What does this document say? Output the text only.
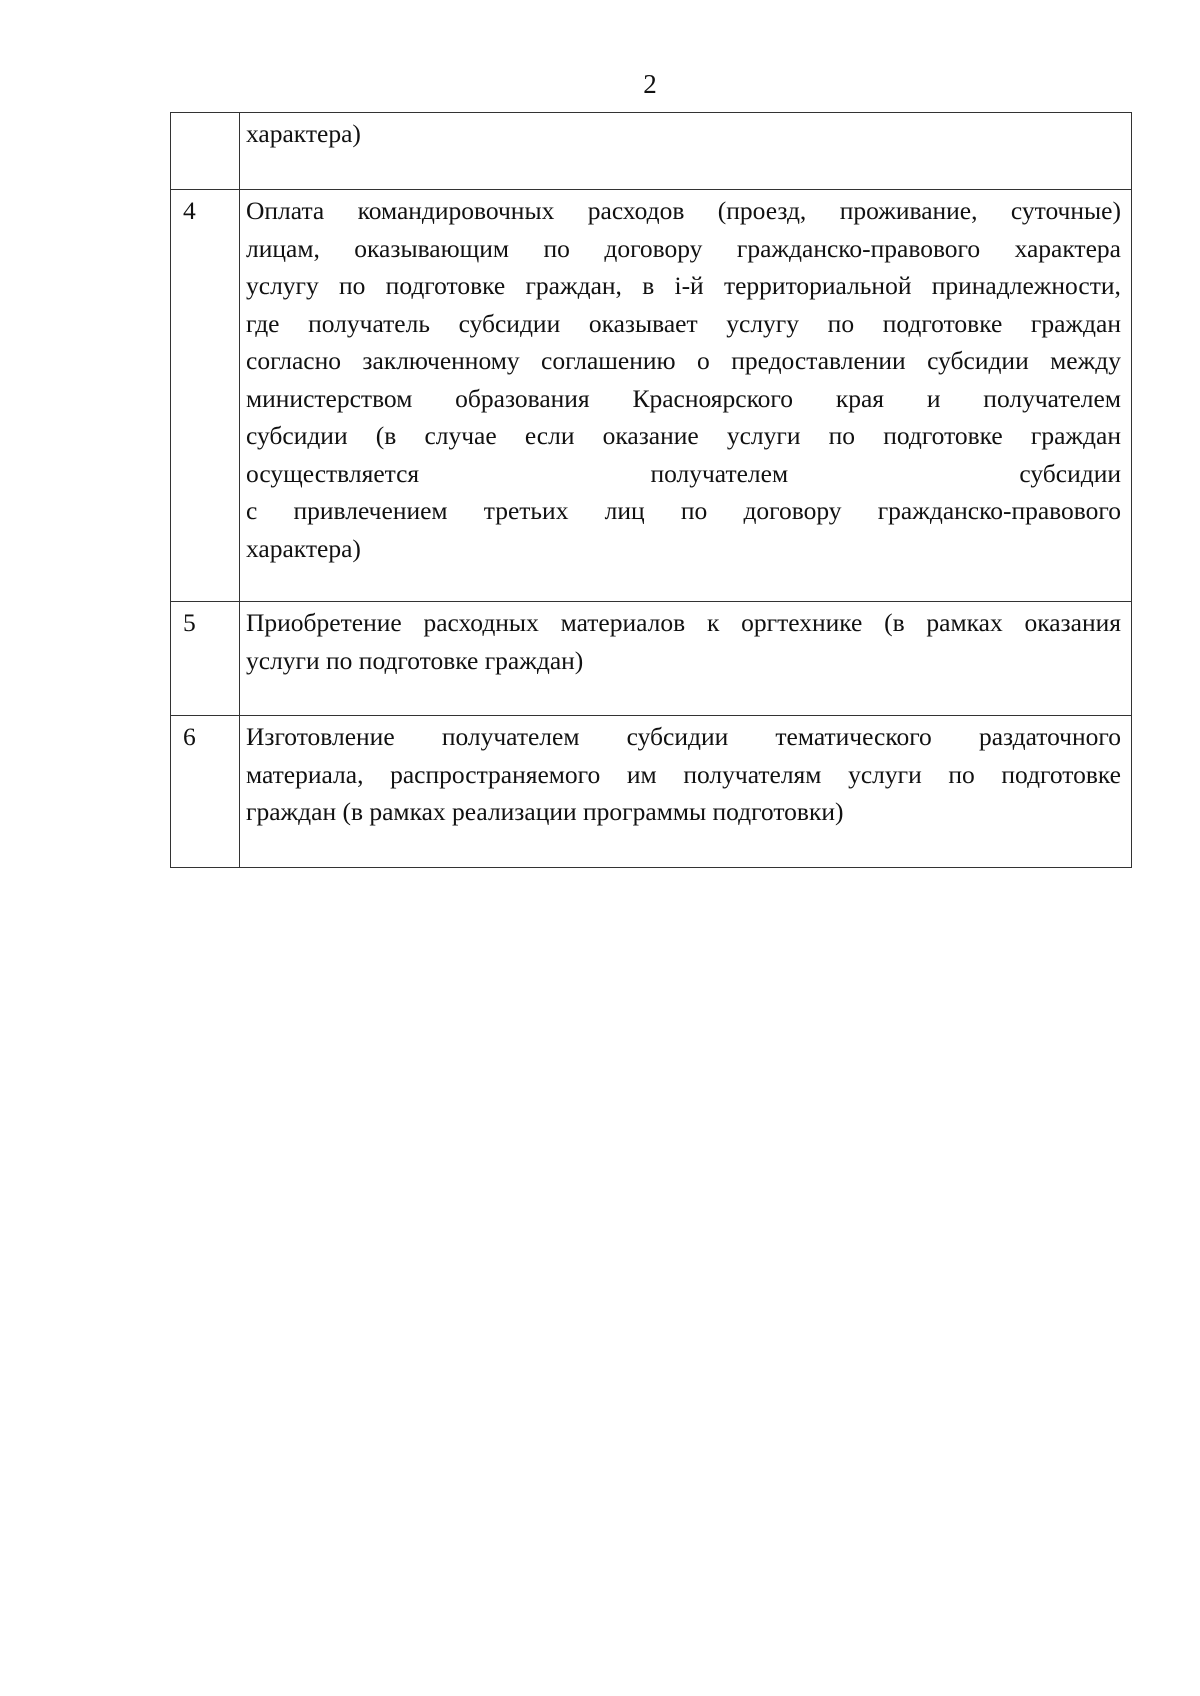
2

	характера)

4	Оплата командировочных расходов (проезд, проживание, суточные)
лицам, оказывающим по договору гражданско-правового характера
услугу по подготовке граждан, в і-й территориальной принадлежности,
где получатель субсидии оказывает услугу по подготовке граждан
согласно заключенному соглашению о предоставлении субсидии между
министерством образования Красноярского края и получателем
субсидии (в случае если оказание услуги по подготовке граждан
осуществляется	получателем	субсидии
с привлечением третьих лиц по договору гражданско-правового
характера)

5	Приобретение расходных материалов к оргтехнике (в рамках оказания
услуги по подготовке граждан)

6	Изготовление получателем субсидии тематического раздаточного
материала, распространяемого им получателям услуги по подготовке
граждан (в рамках реализации программы подготовки)
